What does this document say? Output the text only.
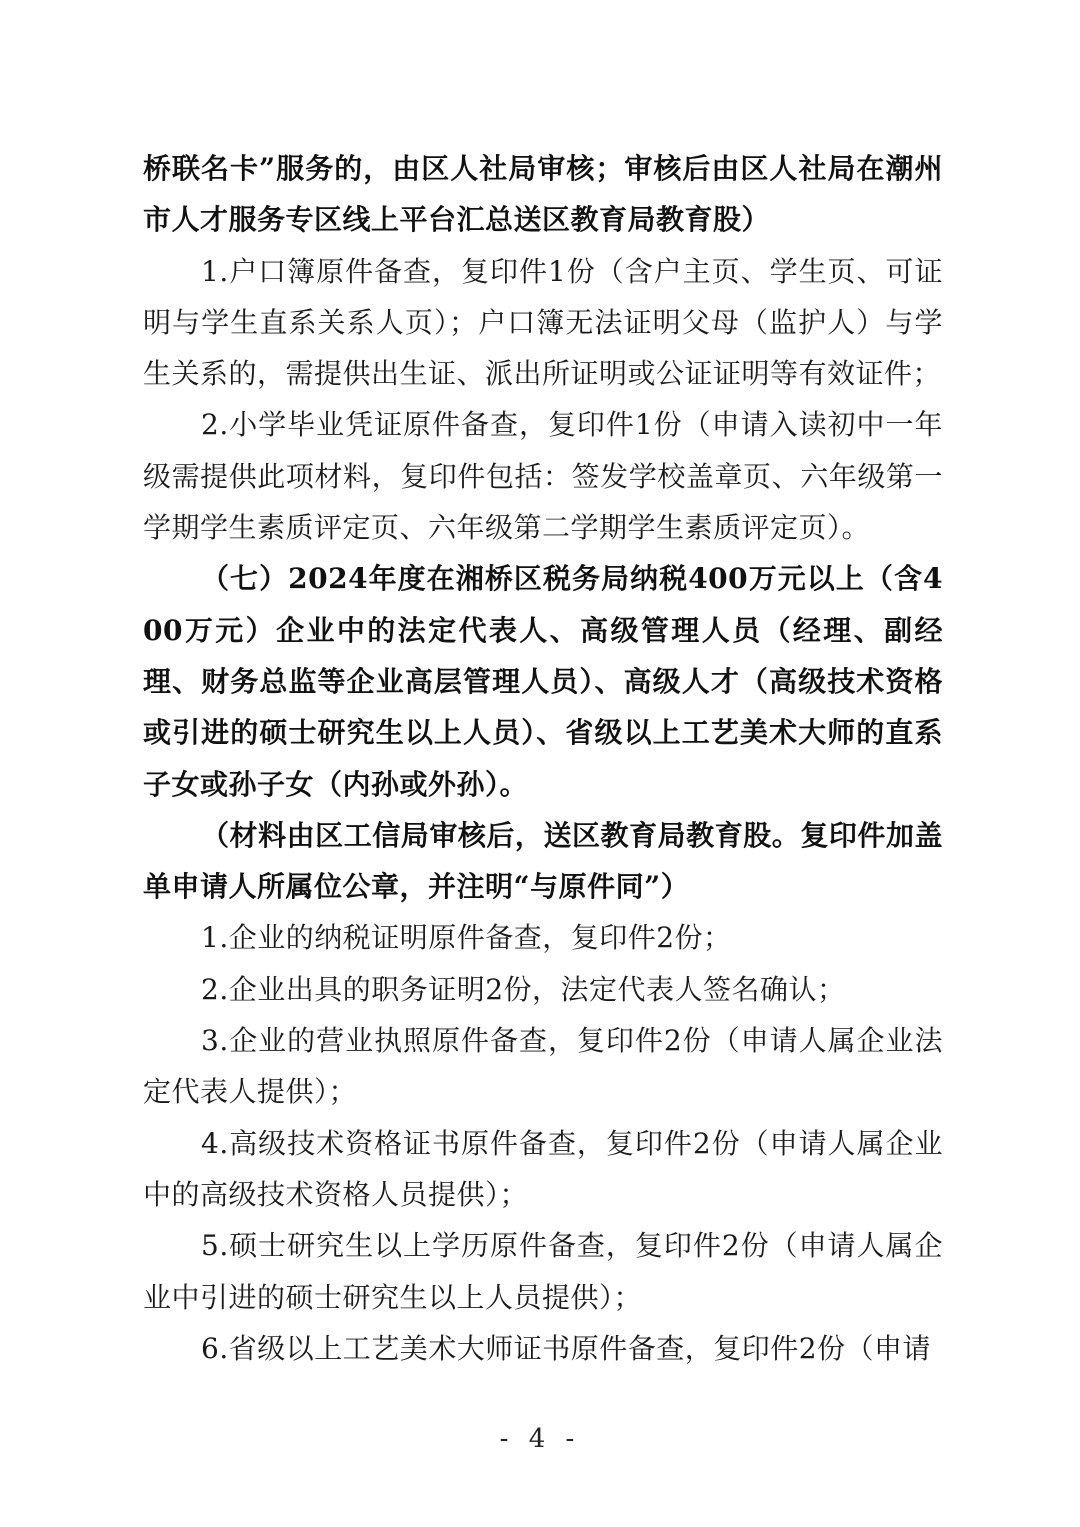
桥联名卡”服务的，由区人社局审核；审核后由区人社局在潮州市人才服务专区线上平台汇总送区教育局教育股）

1.户口簿原件备查，复印件1份（含户主页、学生页、可证明与学生直系关系人页）；户口簿无法证明父母（监护人）与学生关系的，需提供出生证、派出所证明或公证证明等有效证件；

2.小学毕业凭证原件备查，复印件1份（申请入读初中一年级需提供此项材料，复印件包括：签发学校盖章页、六年级第一学期学生素质评定页、六年级第二学期学生素质评定页）。

（七）2024年度在湘桥区税务局纳税400万元以上（含400万元）企业中的法定代表人、高级管理人员（经理、副经理、财务总监等企业高层管理人员）、高级人才（高级技术资格或引进的硕士研究生以上人员）、省级以上工艺美术大师的直系子女或孙子女（内孙或外孙）。

（材料由区工信局审核后，送区教育局教育股。复印件加盖单申请人所属位公章，并注明“与原件同”）

1.企业的纳税证明原件备查，复印件2份；

2.企业出具的职务证明2份，法定代表人签名确认；

3.企业的营业执照原件备查，复印件2份（申请人属企业法定代表人提供）；

4.高级技术资格证书原件备查，复印件2份（申请人属企业中的高级技术资格人员提供）；

5.硕士研究生以上学历原件备查，复印件2份（申请人属企业中引进的硕士研究生以上人员提供）；

6.省级以上工艺美术大师证书原件备查，复印件2份（申请

- 4 -
